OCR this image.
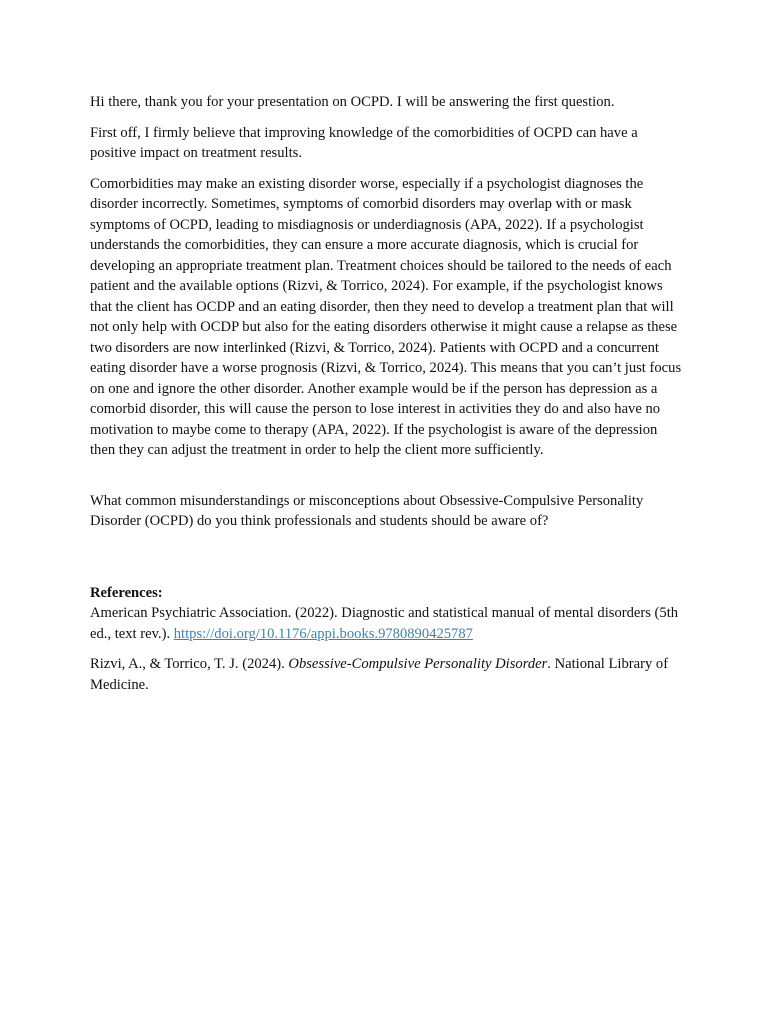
Hi there, thank you for your presentation on OCPD. I will be answering the first question.

First off, I firmly believe that improving knowledge of the comorbidities of OCPD can have a positive impact on treatment results.

Comorbidities may make an existing disorder worse, especially if a psychologist diagnoses the disorder incorrectly. Sometimes, symptoms of comorbid disorders may overlap with or mask symptoms of OCPD, leading to misdiagnosis or underdiagnosis (APA, 2022). If a psychologist understands the comorbidities, they can ensure a more accurate diagnosis, which is crucial for developing an appropriate treatment plan. Treatment choices should be tailored to the needs of each patient and the available options (Rizvi, & Torrico, 2024). For example, if the psychologist knows that the client has OCDP and an eating disorder, then they need to develop a treatment plan that will not only help with OCDP but also for the eating disorders otherwise it might cause a relapse as these two disorders are now interlinked (Rizvi, & Torrico, 2024). Patients with OCPD and a concurrent eating disorder have a worse prognosis (Rizvi, & Torrico, 2024). This means that you can’t just focus on one and ignore the other disorder. Another example would be if the person has depression as a comorbid disorder, this will cause the person to lose interest in activities they do and also have no motivation to maybe come to therapy (APA, 2022). If the psychologist is aware of the depression then they can adjust the treatment in order to help the client more sufficiently.

What common misunderstandings or misconceptions about Obsessive-Compulsive Personality Disorder (OCPD) do you think professionals and students should be aware of?

References:

American Psychiatric Association. (2022). Diagnostic and statistical manual of mental disorders (5th ed., text rev.). https://doi.org/10.1176/appi.books.9780890425787

Rizvi, A., & Torrico, T. J. (2024). Obsessive-Compulsive Personality Disorder. National Library of Medicine.
